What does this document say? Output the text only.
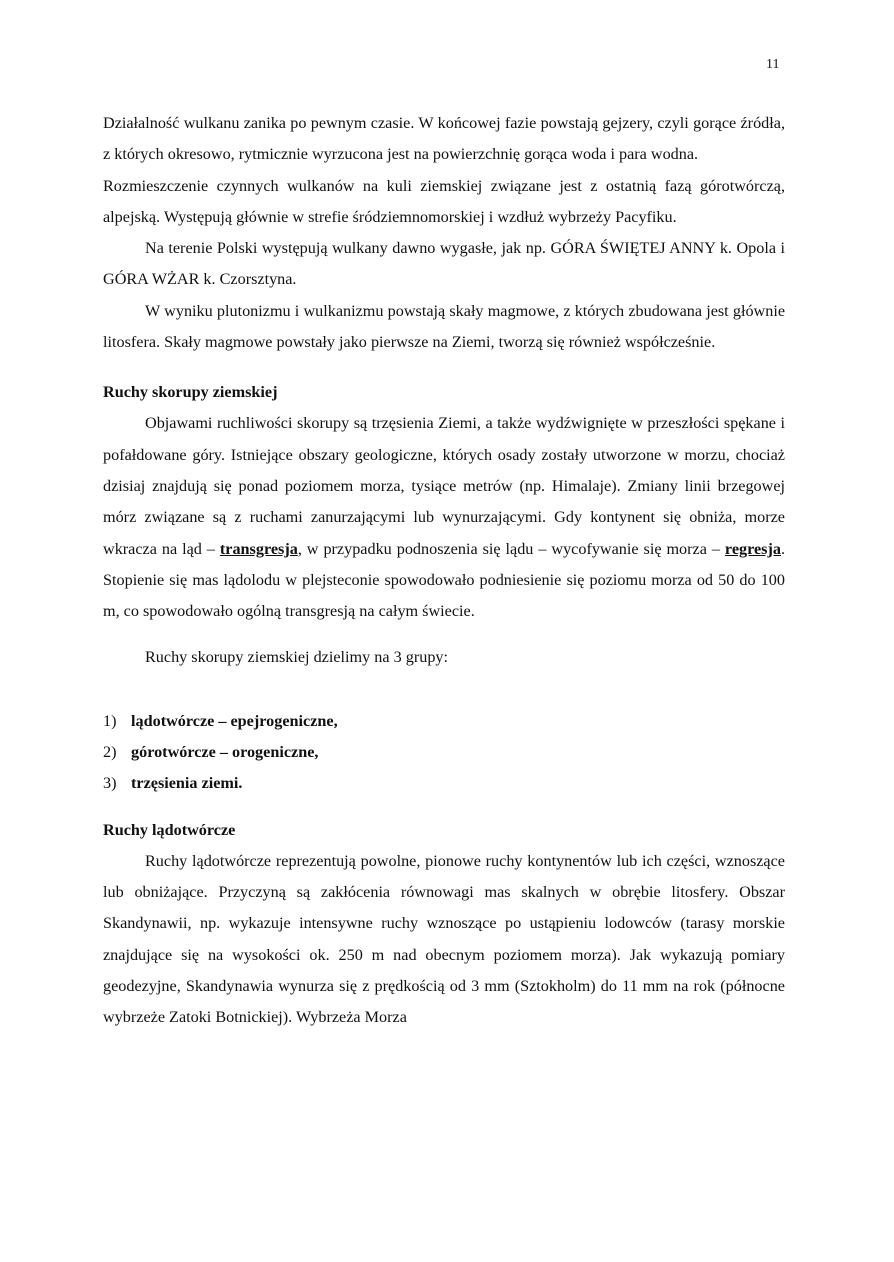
11

Działalność wulkanu zanika po pewnym czasie. W końcowej fazie powstają gejzery, czyli gorące źródła, z których okresowo, rytmicznie wyrzucona jest na powierzchnię gorąca woda i para wodna.

Rozmieszczenie czynnych wulkanów na kuli ziemskiej związane jest z ostatnią fazą górotwórczą, alpejską. Występują głównie w strefie śródziemnomorskiej i wzdłuż wybrzeży Pacyfiku.

Na terenie Polski występują wulkany dawno wygasłe, jak np. GÓRA ŚWIĘTEJ ANNY k. Opola i GÓRA WŻAR k. Czorsztyna.

W wyniku plutonizmu i wulkanizmu powstają skały magmowe, z których zbudowana jest głównie litosfera. Skały magmowe powstały jako pierwsze na Ziemi, tworzą się również współcześnie.

Ruchy skorupy ziemskiej

Objawami ruchliwości skorupy są trzęsienia Ziemi, a także wydźwignięte w przeszłości spękane i pofałdowane góry. Istniejące obszary geologiczne, których osady zostały utworzone w morzu, chociaż dzisiaj znajdują się ponad poziomem morza, tysiące metrów (np. Himalaje). Zmiany linii brzegowej mórz związane są z ruchami zanurzającymi lub wynurzającymi. Gdy kontynent się obniża, morze wkracza na ląd – transgresja, w przypadku podnoszenia się lądu – wycofywanie się morza – regresja. Stopienie się mas lądolodu w plejsteconie spowodowało podniesienie się poziomu morza od 50 do 100 m, co spowodowało ogólną transgresją na całym świecie.

Ruchy skorupy ziemskiej dzielimy na 3 grupy:

1) lądotwórcze – epejrogeniczne,
2) górotwórcze – orogeniczne,
3) trzęsienia ziemi.

Ruchy lądotwórcze

Ruchy lądotwórcze reprezentują powolne, pionowe ruchy kontynentów lub ich części, wznoszące lub obniżające. Przyczyną są zakłócenia równowagi mas skalnych w obrębie litosfery. Obszar Skandynawii, np. wykazuje intensywne ruchy wznoszące po ustąpieniu lodowców (tarasy morskie znajdujące się na wysokości ok. 250 m nad obecnym poziomem morza). Jak wykazują pomiary geodezyjne, Skandynawia wynurza się z prędkością od 3 mm (Sztokholm) do 11 mm na rok (północne wybrzeże Zatoki Botnickiej). Wybrzeża Morza
